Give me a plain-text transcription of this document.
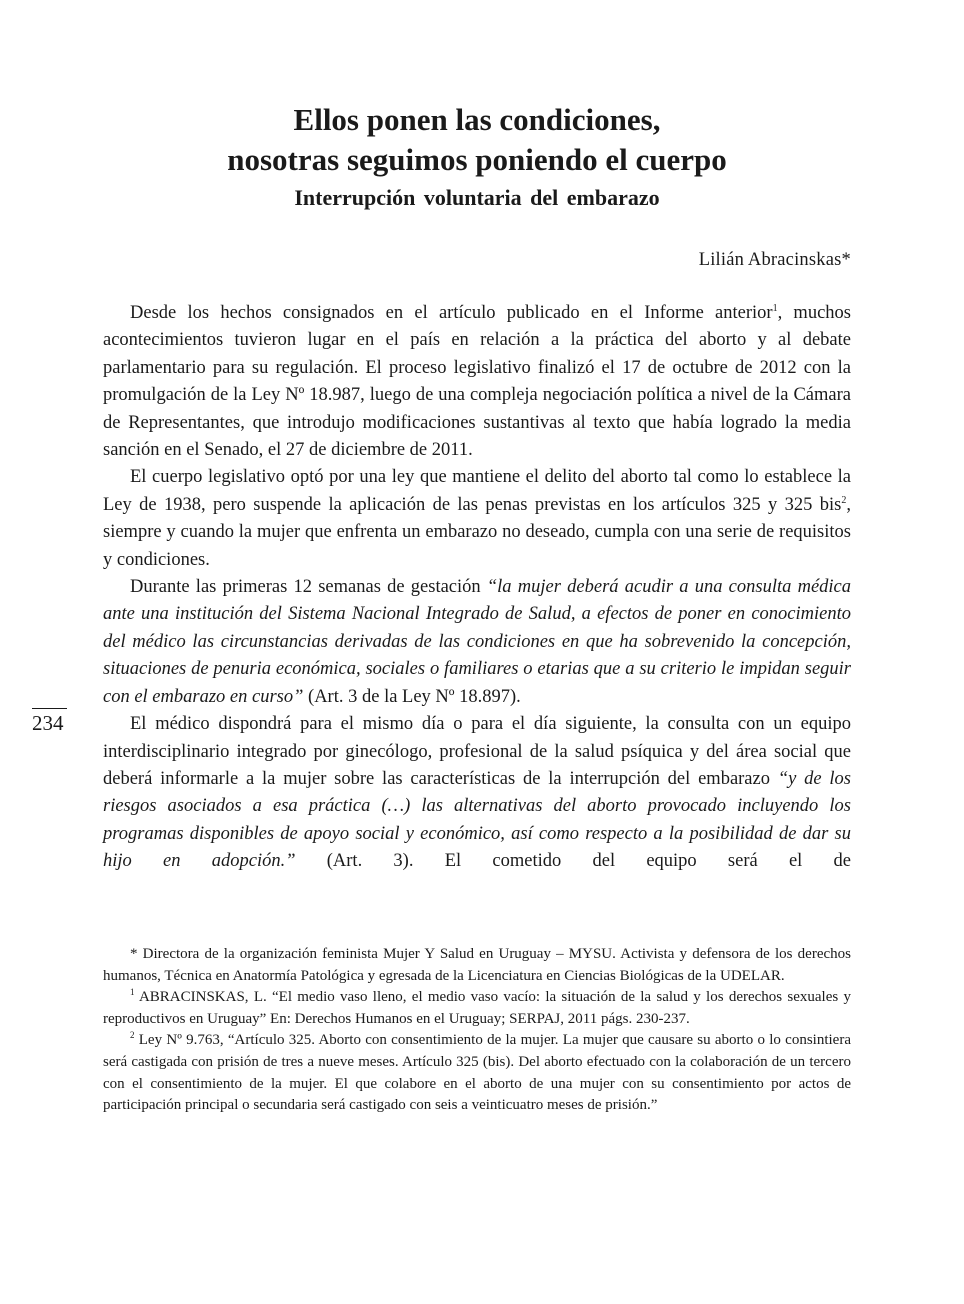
Ellos ponen las condiciones,

nosotras seguimos poniendo el cuerpo

Interrupción voluntaria del embarazo

Lilián Abracinskas*

Desde los hechos consignados en el artículo publicado en el Informe anterior$^1$, muchos acontecimientos tuvieron lugar en el país en relación a la práctica del aborto y al debate parlamentario para su regulación. El proceso legislativo finalizó el 17 de octubre de 2012 con la promulgación de la Ley Nº 18.987, luego de una compleja negociación política a nivel de la Cámara de Representantes, que introdujo modificaciones sustantivas al texto que había logrado la media sanción en el Senado, el 27 de diciembre de 2011.

El cuerpo legislativo optó por una ley que mantiene el delito del aborto tal como lo establece la Ley de 1938, pero suspende la aplicación de las penas previstas en los artículos 325 y 325 bis$^2$, siempre y cuando la mujer que enfrenta un embarazo no deseado, cumpla con una serie de requisitos y condiciones.

Durante las primeras 12 semanas de gestación “la mujer deberá acudir a una consulta médica ante una institución del Sistema Nacional Integrado de Salud, a efectos de poner en conocimiento del médico las circunstancias derivadas de las condiciones en que ha sobrevenido la concepción, situaciones de penuria económica, sociales o familiares o etarias que a su criterio le impidan seguir con el embarazo en curso” (Art. 3 de la Ley Nº 18.897).

El médico dispondrá para el mismo día o para el día siguiente, la consulta con un equipo interdisciplinario integrado por ginecólogo, profesional de la salud psíquica y del área social que deberá informarle a la mujer sobre las características de la interrupción del embarazo “y de los riesgos asociados a esa práctica (…) las alternativas del aborto provocado incluyendo los programas disponibles de apoyo social y económico, así como respecto a la posibilidad de dar su hijo en adopción.” (Art. 3). El cometido del equipo será el de

234

* Directora de la organización feminista Mujer Y Salud en Uruguay – MYSU. Activista y defensora de los derechos humanos, Técnica en Anatormía Patológica y egresada de la Licenciatura en Ciencias Biológicas de la UDELAR.

$^1$ ABRACINSKAS, L. “El medio vaso lleno, el medio vaso vacío: la situación de la salud y los derechos sexuales y reproductivos en Uruguay” En: Derechos Humanos en el Uruguay; SERPAJ, 2011 págs. 230-237.

$^2$ Ley Nº 9.763, “Artículo 325. Aborto con consentimiento de la mujer. La mujer que causare su aborto o lo consintiera será castigada con prisión de tres a nueve meses. Artículo 325 (bis). Del aborto efectuado con la colaboración de un tercero con el consentimiento de la mujer. El que colabore en el aborto de una mujer con su consentimiento por actos de participación principal o secundaria será castigado con seis a veinticuatro meses de prisión.”
